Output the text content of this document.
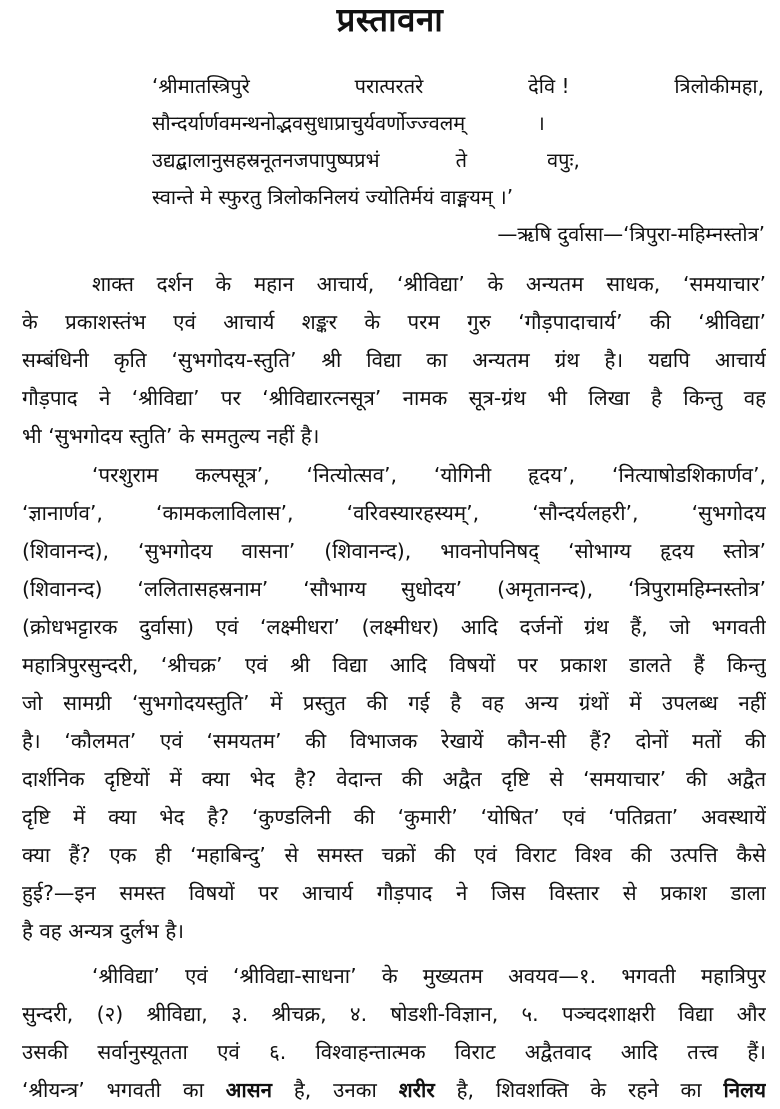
प्रस्तावना
‘श्रीमातस्त्रिपुरे	परात्परतरे	देवि !	त्रिलोकीमहा,
सौन्दर्यार्णवमन्थनोद्भवसुधाप्राचुर्यवर्णोज्ज्वलम्	।
उद्यद्बालानुसहस्रनूतनजपापुष्पप्रभं	ते	वपुः,
स्वान्ते मे स्फुरतु त्रिलोकनिलयं ज्योतिर्मयं वाङ्मयम् ।’
—ऋषि दुर्वासा—‘त्रिपुरा-महिम्नस्तोत्र’
शाक्त दर्शन के महान आचार्य, ‘श्रीविद्या’ के अन्यतम साधक, ‘समयाचार’
के प्रकाशस्तंभ एवं आचार्य शङ्कर के परम गुरु ‘गौड़पादाचार्य’ की ‘श्रीविद्या’
सम्बंधिनी कृति ‘सुभगोदय-स्तुति’ श्री विद्या का अन्यतम ग्रंथ है। यद्यपि आचार्य
गौड़पाद ने ‘श्रीविद्या’ पर ‘श्रीविद्यारत्नसूत्र’ नामक सूत्र-ग्रंथ भी लिखा है किन्तु वह
भी ‘सुभगोदय स्तुति’ के समतुल्य नहीं है।
‘परशुराम कल्पसूत्र’, ‘नित्योत्सव’, ‘योगिनी हृदय’, ‘नित्याषोडशिकार्णव’,
‘ज्ञानार्णव’, ‘कामकलाविलास’, ‘वरिवस्यारहस्यम्’, ‘सौन्दर्यलहरी’, ‘सुभगोदय
(शिवानन्द), ‘सुभगोदय वासना’ (शिवानन्द), भावनोपनिषद् ‘सोभाग्य हृदय स्तोत्र’
(शिवानन्द) ‘ललितासहस्रनाम’ ‘सौभाग्य सुधोदय’ (अमृतानन्द), ‘त्रिपुरामहिम्नस्तोत्र’
(क्रोधभट्टारक दुर्वासा) एवं ‘लक्ष्मीधरा’ (लक्ष्मीधर) आदि दर्जनों ग्रंथ हैं, जो भगवती
महात्रिपुरसुन्दरी, ‘श्रीचक्र’ एवं श्री विद्या आदि विषयों पर प्रकाश डालते हैं किन्तु
जो सामग्री ‘सुभगोदयस्तुति’ में प्रस्तुत की गई है वह अन्य ग्रंथों में उपलब्ध नहीं
है। ‘कौलमत’ एवं ‘समयतम’ की विभाजक रेखायें कौन-सी हैं? दोनों मतों की
दार्शनिक दृष्टियों में क्या भेद है? वेदान्त की अद्वैत दृष्टि से ‘समयाचार’ की अद्वैत
दृष्टि में क्या भेद है? ‘कुण्डलिनी की ‘कुमारी’ ‘योषित’ एवं ‘पतिव्रता’ अवस्थायें
क्या हैं? एक ही ‘महाबिन्दु’ से समस्त चक्रों की एवं विराट विश्व की उत्पत्ति कैसे
हुई?—इन समस्त विषयों पर आचार्य गौड़पाद ने जिस विस्तार से प्रकाश डाला
है वह अन्यत्र दुर्लभ है।
‘श्रीविद्या’ एवं ‘श्रीविद्या-साधना’ के मुख्यतम अवयव—१. भगवती महात्रिपुर
सुन्दरी, (२) श्रीविद्या, ३. श्रीचक्र, ४. षोडशी-विज्ञान, ५. पञ्चदशाक्षरी विद्या और
उसकी सर्वानुस्यूतता एवं ६. विश्वाहन्तात्मक विराट अद्वैतवाद आदि तत्त्व हैं।
‘श्रीयन्त्र’ भगवती का आसन है, उनका शरीर है, शिवशक्ति के रहने का निलय
